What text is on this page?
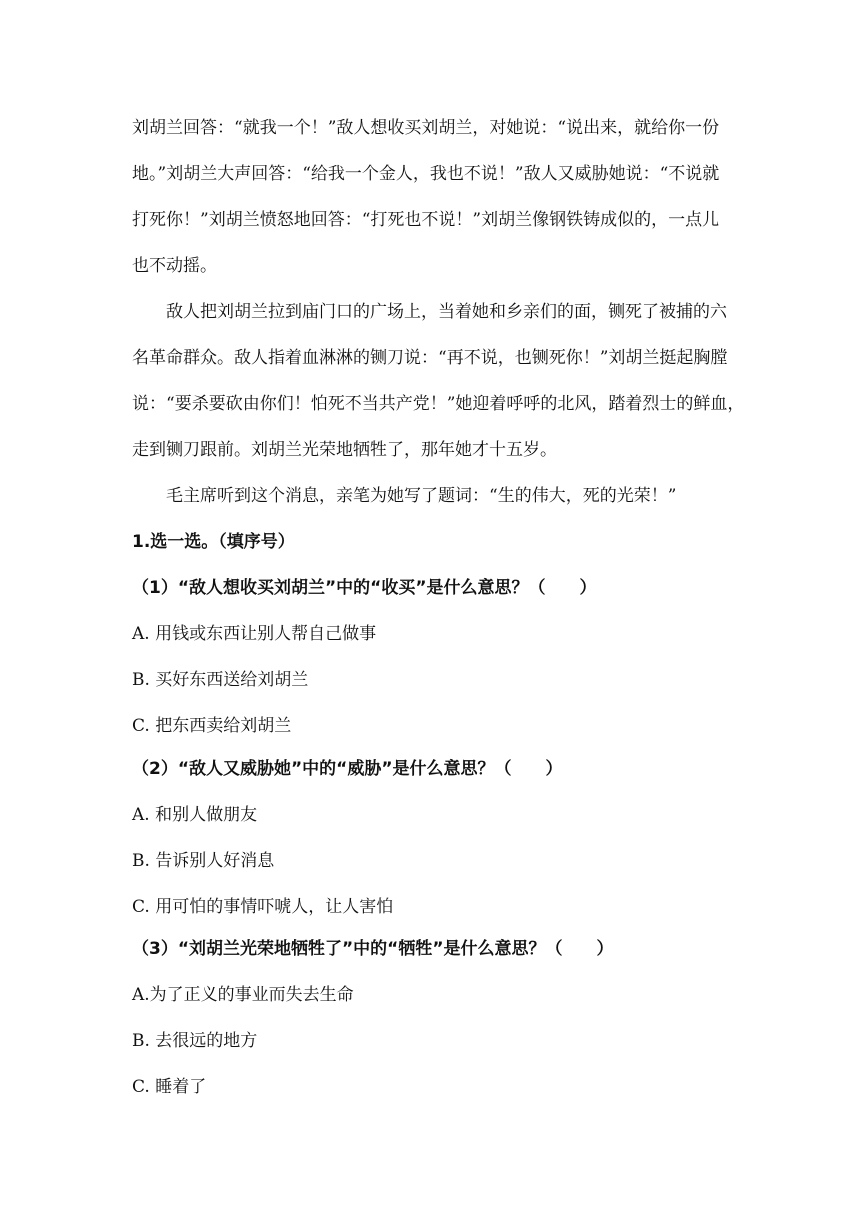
刘胡兰回答：“就我一个！”敌人想收买刘胡兰，对她说：“说出来，就给你一份
地。”刘胡兰大声回答：“给我一个金人，我也不说！”敌人又威胁她说：“不说就
打死你！”刘胡兰愤怒地回答：“打死也不说！”刘胡兰像钢铁铸成似的，一点儿
也不动摇。
敌人把刘胡兰拉到庙门口的广场上，当着她和乡亲们的面，铡死了被捕的六
名革命群众。敌人指着血淋淋的铡刀说：“再不说，也铡死你！”刘胡兰挺起胸膛
说：“要杀要砍由你们！怕死不当共产党！”她迎着呼呼的北风，踏着烈士的鲜血，
走到铡刀跟前。刘胡兰光荣地牺牲了，那年她才十五岁。
毛主席听到这个消息，亲笔为她写了题词：“生的伟大，死的光荣！”
1.选一选。（填序号）
（1）“敌人想收买刘胡兰”中的“收买”是什么意思？（　　）
A. 用钱或东西让别人帮自己做事
B. 买好东西送给刘胡兰
C. 把东西卖给刘胡兰
（2）“敌人又威胁她”中的“威胁”是什么意思？（　　）
A. 和别人做朋友
B. 告诉别人好消息
C. 用可怕的事情吓唬人，让人害怕
（3）“刘胡兰光荣地牺牲了”中的“牺牲”是什么意思？（　　）
A.为了正义的事业而失去生命
B. 去很远的地方
C. 睡着了
